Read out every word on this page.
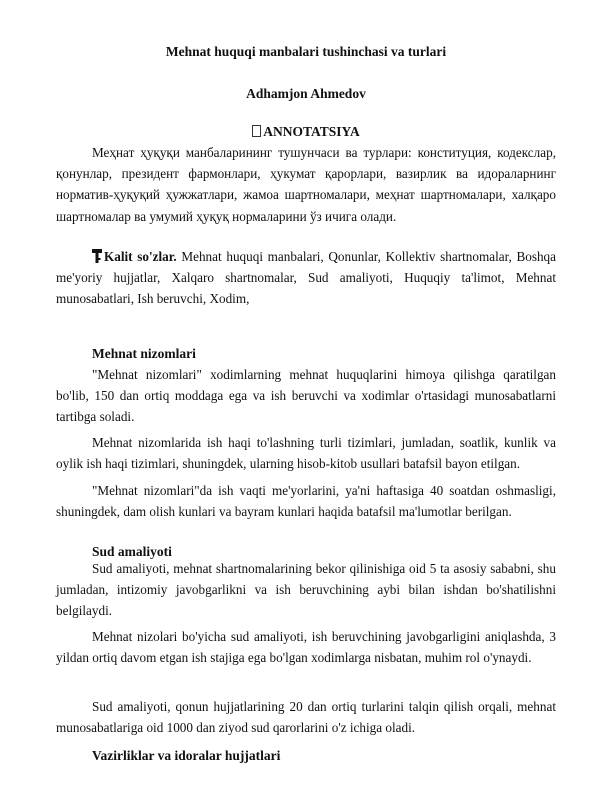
Mehnat huquqi manbalari tushinchasi va turlari
Adhamjon Ahmedov
ANNOTATSIYA

Меҳнат ҳуқуқи манбаларининг тушунчаси ва турлари: конституция, кодекслар, қонунлар, президент фармонлари, ҳукумат қарорлари, вазирлик ва идораларнинг норматив-ҳуқуқий ҳужжатлари, жамоа шартномалари, меҳнат шартномалари, халқаро шартномалар ва умумий ҳуқуқ нормаларини ўз ичига олади.

Kalit so'zlar. Mehnat huquqi manbalari, Qonunlar, Kollektiv shartnomalar, Boshqa me'yoriy hujjatlar, Xalqaro shartnomalar, Sud amaliyoti, Huquqiy ta'limot, Mehnat munosabatlari, Ish beruvchi, Xodim,

Mehnat nizomlari

"Mehnat nizomlari" xodimlarning mehnat huquqlarini himoya qilishga qaratilgan bo'lib, 150 dan ortiq moddaga ega va ish beruvchi va xodimlar o'rtasidagi munosabatlarni tartibga soladi.

Mehnat nizomlarida ish haqi to'lashning turli tizimlari, jumladan, soatlik, kunlik va oylik ish haqi tizimlari, shuningdek, ularning hisob-kitob usullari batafsil bayon etilgan.

"Mehnat nizomlari"da ish vaqti me'yorlarini, ya'ni haftasiga 40 soatdan oshmasligi, shuningdek, dam olish kunlari va bayram kunlari haqida batafsil ma'lumotlar berilgan.

Sud amaliyoti

Sud amaliyoti, mehnat shartnomalarining bekor qilinishiga oid 5 ta asosiy sababni, shu jumladan, intizomiy javobgarlikni va ish beruvchining aybi bilan ishdan bo'shatilishni belgilaydi.

Mehnat nizolari bo'yicha sud amaliyoti, ish beruvchining javobgarligini aniqlashda, 3 yildan ortiq davom etgan ish stajiga ega bo'lgan xodimlarga nisbatan, muhim rol o'ynaydi.

Sud amaliyoti, qonun hujjatlarining 20 dan ortiq turlarini talqin qilish orqali, mehnat munosabatlariga oid 1000 dan ziyod sud qarorlarini o'z ichiga oladi.

Vazirliklar va idoralar hujjatlari
